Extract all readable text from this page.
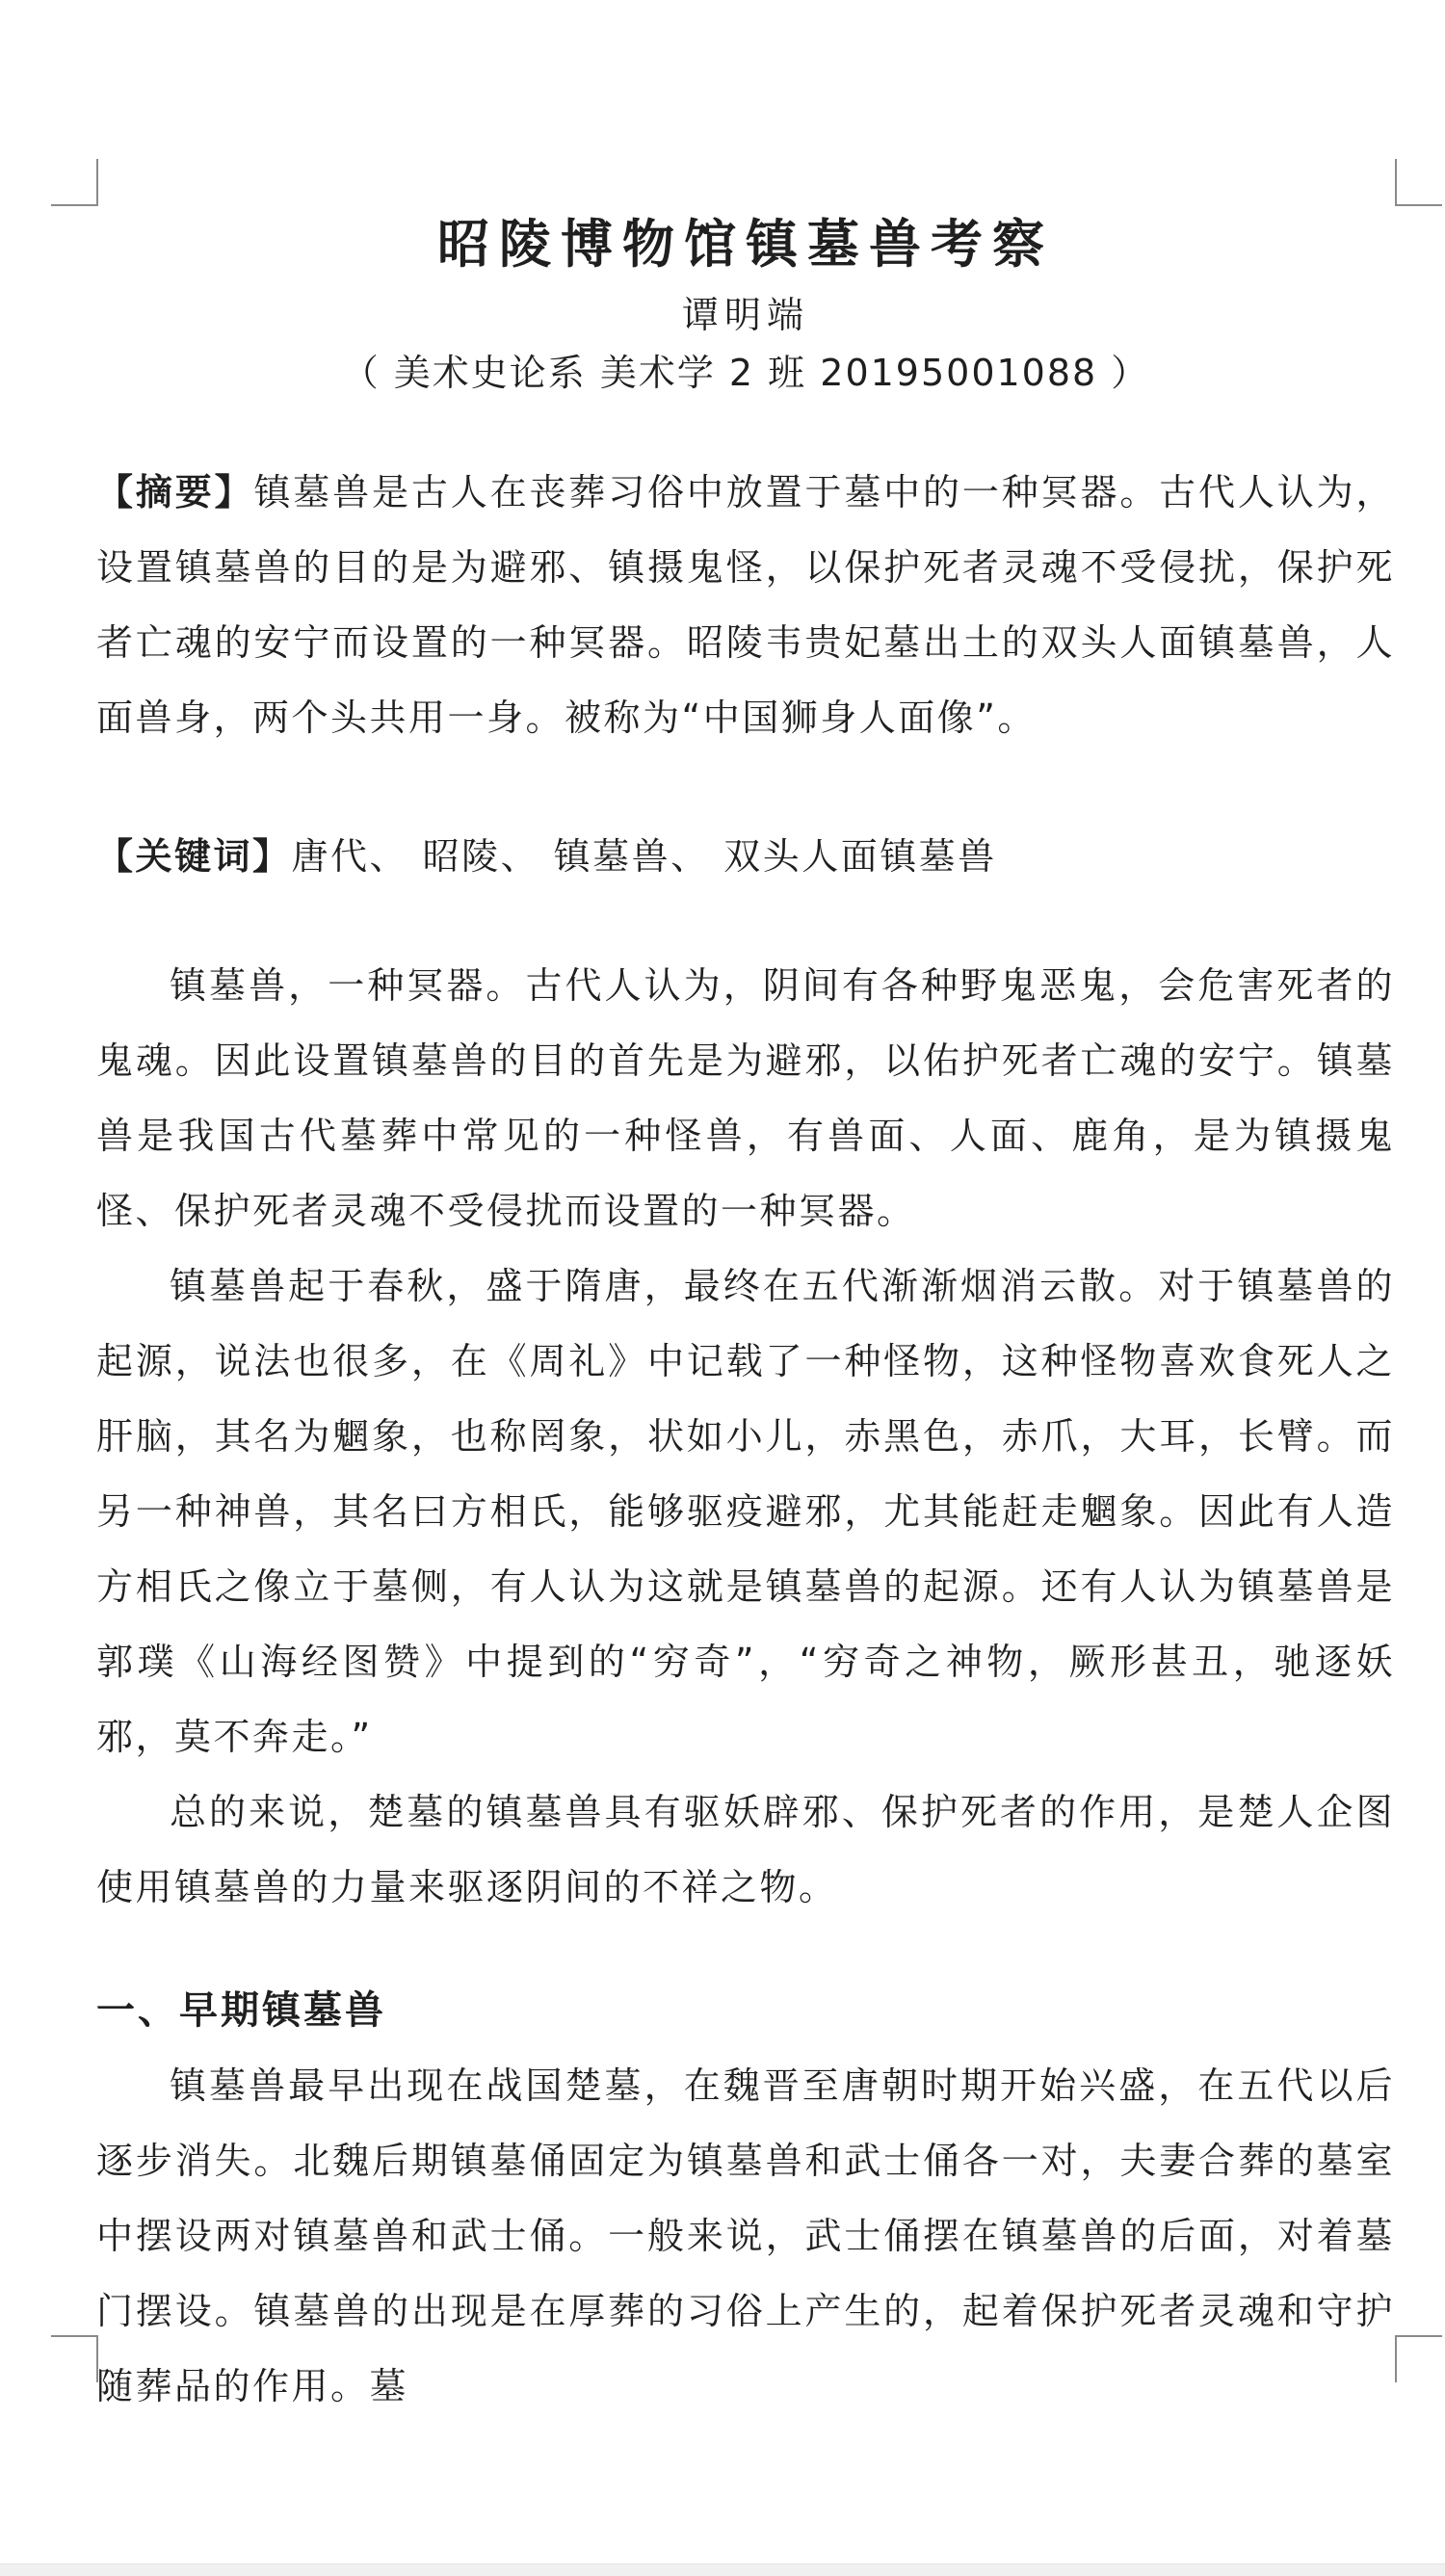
昭陵博物馆镇墓兽考察
谭明端
（ 美术史论系 美术学 2 班 20195001088 ）

【摘要】镇墓兽是古人在丧葬习俗中放置于墓中的一种冥器。古代人认为，设置镇墓兽的目的是为避邪、镇摄鬼怪，以保护死者灵魂不受侵扰，保护死者亡魂的安宁而设置的一种冥器。昭陵韦贵妃墓出土的双头人面镇墓兽，人面兽身，两个头共用一身。被称为“中国狮身人面像”。

【关键词】唐代、 昭陵、 镇墓兽、 双头人面镇墓兽

镇墓兽，一种冥器。古代人认为，阴间有各种野鬼恶鬼，会危害死者的鬼魂。因此设置镇墓兽的目的首先是为避邪，以佑护死者亡魂的安宁。镇墓兽是我国古代墓葬中常见的一种怪兽，有兽面、人面、鹿角，是为镇摄鬼怪、保护死者灵魂不受侵扰而设置的一种冥器。

镇墓兽起于春秋，盛于隋唐，最终在五代渐渐烟消云散。对于镇墓兽的起源，说法也很多，在《周礼》中记载了一种怪物，这种怪物喜欢食死人之肝脑，其名为魍象，也称罔象，状如小儿，赤黑色，赤爪，大耳，长臂。而另一种神兽，其名曰方相氏，能够驱疫避邪，尤其能赶走魍象。因此有人造方相氏之像立于墓侧，有人认为这就是镇墓兽的起源。还有人认为镇墓兽是郭璞《山海经图赞》中提到的“穷奇”，“穷奇之神物，厥形甚丑，驰逐妖邪，莫不奔走。”

总的来说，楚墓的镇墓兽具有驱妖辟邪、保护死者的作用，是楚人企图使用镇墓兽的力量来驱逐阴间的不祥之物。

一、早期镇墓兽

镇墓兽最早出现在战国楚墓，在魏晋至唐朝时期开始兴盛，在五代以后逐步消失。北魏后期镇墓俑固定为镇墓兽和武士俑各一对，夫妻合葬的墓室中摆设两对镇墓兽和武士俑。一般来说，武士俑摆在镇墓兽的后面，对着墓门摆设。镇墓兽的出现是在厚葬的习俗上产生的，起着保护死者灵魂和守护随葬品的作用。墓
